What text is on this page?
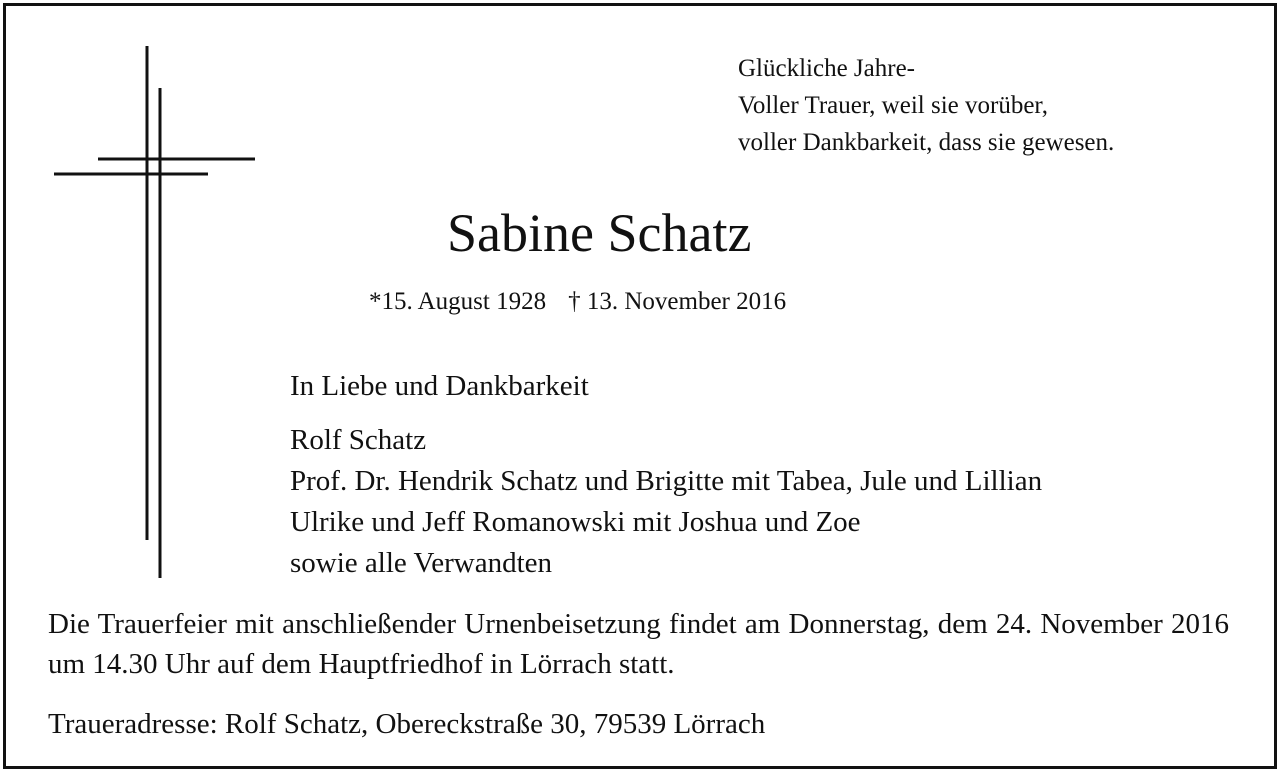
Glückliche Jahre-
Voller Trauer, weil sie vorüber,
voller Dankbarkeit, dass sie gewesen.
Sabine Schatz
*15. August 1928 † 13. November 2016
In Liebe und Dankbarkeit
Rolf Schatz
Prof. Dr. Hendrik Schatz und Brigitte mit Tabea, Jule und Lillian
Ulrike und Jeff Romanowski mit Joshua und Zoe
sowie alle Verwandten
Die Trauerfeier mit anschließender Urnenbeisetzung findet am Donnerstag, dem 24. November 2016 um 14.30 Uhr auf dem Hauptfriedhof in Lörrach statt.
Traueradresse: Rolf Schatz, Obereckstraße 30, 79539 Lörrach
